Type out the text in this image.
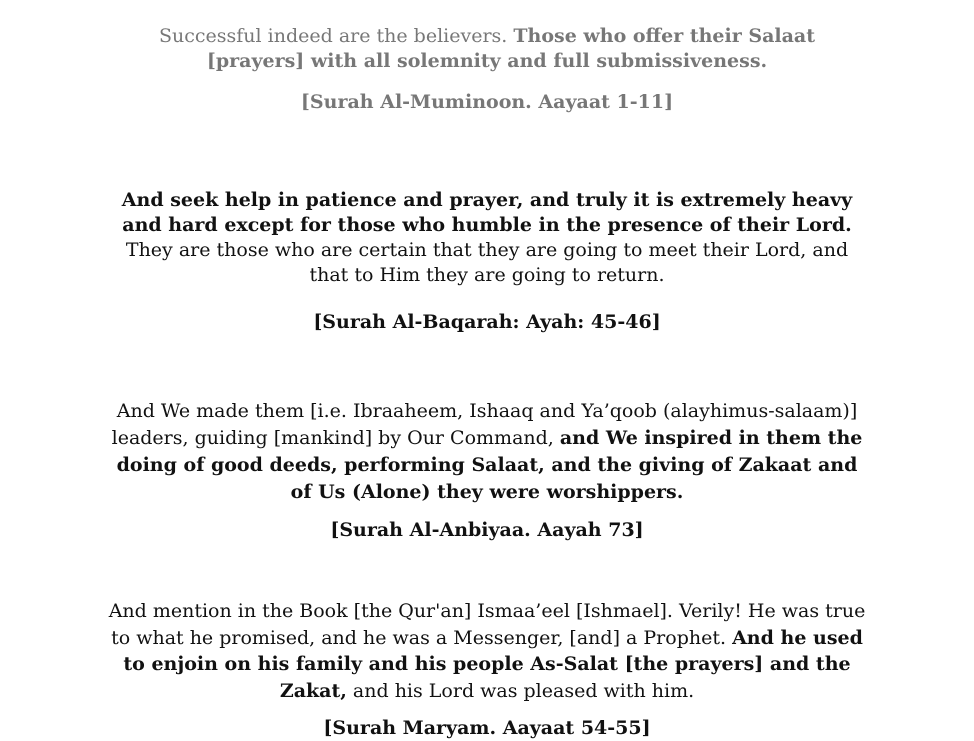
Successful indeed are the believers. Those who offer their Salaat [prayers] with all solemnity and full submissiveness.

[Surah Al-Muminoon. Aayaat 1-11]

And seek help in patience and prayer, and truly it is extremely heavy and hard except for those who humble in the presence of their Lord. They are those who are certain that they are going to meet their Lord, and that to Him they are going to return.

[Surah Al-Baqarah: Ayah: 45-46]

And We made them [i.e. Ibraaheem, Ishaaq and Ya’qoob (alayhimus-salaam)] leaders, guiding [mankind] by Our Command, and We inspired in them the doing of good deeds, performing Salaat, and the giving of Zakaat and of Us (Alone) they were worshippers.

[Surah Al-Anbiyaa. Aayah 73]

And mention in the Book [the Qur'an] Ismaa’eel [Ishmael]. Verily! He was true to what he promised, and he was a Messenger, [and] a Prophet. And he used to enjoin on his family and his people As-Salat [the prayers] and the Zakat, and his Lord was pleased with him.

[Surah Maryam. Aayaat 54-55]
